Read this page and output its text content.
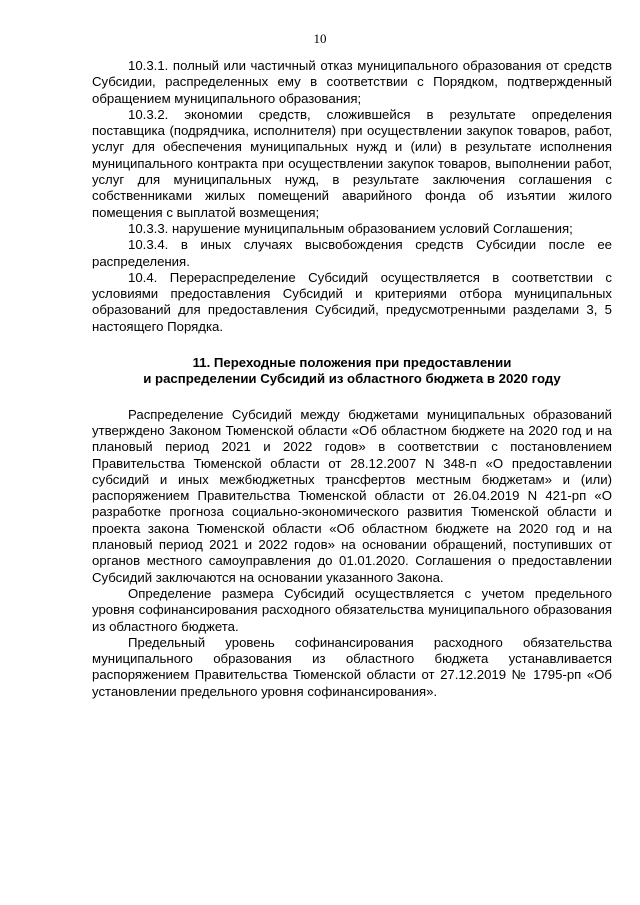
10

10.3.1. полный или частичный отказ муниципального образования от средств Субсидии, распределенных ему в соответствии с Порядком, подтвержденный обращением муниципального образования;

10.3.2. экономии средств, сложившейся в результате определения поставщика (подрядчика, исполнителя) при осуществлении закупок товаров, работ, услуг для обеспечения муниципальных нужд и (или) в результате исполнения муниципального контракта при осуществлении закупок товаров, выполнении работ, услуг для муниципальных нужд, в результате заключения соглашения с собственниками жилых помещений аварийного фонда об изъятии жилого помещения с выплатой возмещения;

10.3.3. нарушение муниципальным образованием условий Соглашения;

10.3.4. в иных случаях высвобождения средств Субсидии после ее распределения.

10.4. Перераспределение Субсидий осуществляется в соответствии с условиями предоставления Субсидий и критериями отбора муниципальных образований для предоставления Субсидий, предусмотренными разделами 3, 5 настоящего Порядка.

11. Переходные положения при предоставлении
и распределении Субсидий из областного бюджета в 2020 году

Распределение Субсидий между бюджетами муниципальных образований утверждено Законом Тюменской области «Об областном бюджете на 2020 год и на плановый период 2021 и 2022 годов» в соответствии с постановлением Правительства Тюменской области от 28.12.2007 N 348-п «О предоставлении субсидий и иных межбюджетных трансфертов местным бюджетам» и (или) распоряжением Правительства Тюменской области от 26.04.2019 N 421-рп «О разработке прогноза социально-экономического развития Тюменской области и проекта закона Тюменской области «Об областном бюджете на 2020 год и на плановый период 2021 и 2022 годов» на основании обращений, поступивших от органов местного самоуправления до 01.01.2020. Соглашения о предоставлении Субсидий заключаются на основании указанного Закона.

Определение размера Субсидий осуществляется с учетом предельного уровня софинансирования расходного обязательства муниципального образования из областного бюджета.

Предельный уровень софинансирования расходного обязательства муниципального образования из областного бюджета устанавливается распоряжением Правительства Тюменской области от 27.12.2019 № 1795-рп «Об установлении предельного уровня софинансирования».
